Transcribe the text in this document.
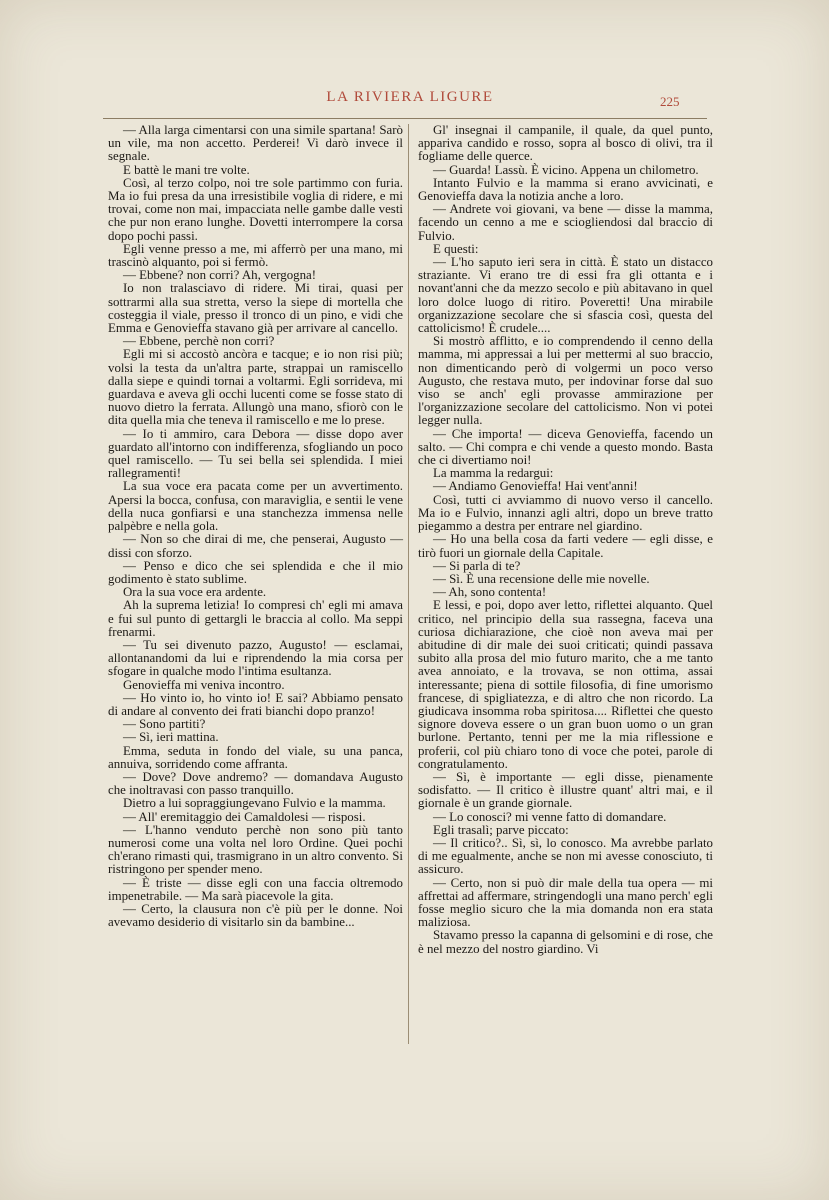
LA RIVIERA LIGURE	225

— Alla larga cimentarsi con una simile spartana! Sarò un vile, ma non accetto. Perderei! Vi darò invece il segnale.

E battè le mani tre volte.

Così, al terzo colpo, noi tre sole partimmo con furia. Ma io fui presa da una irresistibile voglia di ridere, e mi trovai, come non mai, impacciata nelle gambe dalle vesti che pur non erano lunghe. Dovetti interrompere la corsa dopo pochi passi.

Egli venne presso a me, mi afferrò per una mano, mi trascinò alquanto, poi si fermò.

— Ebbene? non corri? Ah, vergogna!

Io non tralasciavo di ridere. Mi tirai, quasi per sottrarmi alla sua stretta, verso la siepe di mortella che costeggia il viale, presso il tronco di un pino, e vidi che Emma e Genovieffa stavano già per arrivare al cancello.

— Ebbene, perchè non corri?

Egli mi si accostò ancòra e tacque; e io non risi più; volsi la testa da un'altra parte, strappai un ramiscello dalla siepe e quindi tornai a voltarmi. Egli sorrideva, mi guardava e aveva gli occhi lucenti come se fosse stato di nuovo dietro la ferrata. Allungò una mano, sfiorò con le dita quella mia che teneva il ramiscello e me lo prese.

— Io ti ammiro, cara Debora — disse dopo aver guardato all'intorno con indifferenza, sfogliando un poco quel ramiscello. — Tu sei bella sei splendida. I miei rallegramenti!

La sua voce era pacata come per un avvertimento. Apersi la bocca, confusa, con maraviglia, e sentii le vene della nuca gonfiarsi e una stanchezza immensa nelle palpèbre e nella gola.

— Non so che dirai di me, che penserai, Augusto — dissi con sforzo.

— Penso e dico che sei splendida e che il mio godimento è stato sublime.

Ora la sua voce era ardente.

Ah la suprema letizia! Io compresi ch' egli mi amava e fui sul punto di gettargli le braccia al collo. Ma seppi frenarmi.

— Tu sei divenuto pazzo, Augusto! — esclamai, allontanandomi da lui e riprendendo la mia corsa per sfogare in qualche modo l'intima esultanza.

Genovieffa mi veniva incontro.

— Ho vinto io, ho vinto io! E sai? Abbiamo pensato di andare al convento dei frati bianchi dopo pranzo!

— Sono partiti?

— Sì, ieri mattina.

Emma, seduta in fondo del viale, su una panca, annuiva, sorridendo come affranta.

— Dove? Dove andremo? — domandava Augusto che inoltravasi con passo tranquillo.

Dietro a lui sopraggiungevano Fulvio e la mamma.

— All' eremitaggio dei Camaldolesi — risposi.

— L'hanno venduto perchè non sono più tanto numerosi come una volta nel loro Ordine. Quei pochi ch'erano rimasti qui, trasmigrano in un altro convento. Si ristringono per spender meno.

— È triste — disse egli con una faccia oltremodo impenetrabile. — Ma sarà piacevole la gita.

— Certo, la clausura non c'è più per le donne. Noi avevamo desiderio di visitarlo sin da bambine...

Gl' insegnai il campanile, il quale, da quel punto, appariva candido e rosso, sopra al bosco di olivi, tra il fogliame delle querce.

— Guarda! Lassù. È vicino. Appena un chilometro.

Intanto Fulvio e la mamma si erano avvicinati, e Genovieffa dava la notizia anche a loro.

— Andrete voi giovani, va bene — disse la mamma, facendo un cenno a me e sciogliendosi dal braccio di Fulvio.

E questi:

— L'ho saputo ieri sera in città. È stato un distacco straziante. Vi erano tre di essi fra gli ottanta e i novant'anni che da mezzo secolo e più abitavano in quel loro dolce luogo di ritiro. Poveretti! Una mirabile organizzazione secolare che si sfascia così, questa del cattolicismo! È crudele....

Si mostrò afflitto, e io comprendendo il cenno della mamma, mi appressai a lui per mettermi al suo braccio, non dimenticando però di volgermi un poco verso Augusto, che restava muto, per indovinar forse dal suo viso se anch' egli provasse ammirazione per l'organizzazione secolare del cattolicismo. Non vi potei legger nulla.

— Che importa! — diceva Genovieffa, facendo un salto. — Chi compra e chi vende a questo mondo. Basta che ci divertiamo noi!

La mamma la redargui:

— Andiamo Genovieffa! Hai vent'anni!

Così, tutti ci avviammo di nuovo verso il cancello. Ma io e Fulvio, innanzi agli altri, dopo un breve tratto piegammo a destra per entrare nel giardino.

— Ho una bella cosa da farti vedere — egli disse, e tirò fuori un giornale della Capitale.

— Si parla di te?

— Sì. È una recensione delle mie novelle.

— Ah, sono contenta!

E lessi, e poi, dopo aver letto, riflettei alquanto. Quel critico, nel principio della sua rassegna, faceva una curiosa dichiarazione, che cioè non aveva mai per abitudine di dir male dei suoi criticati; quindi passava subito alla prosa del mio futuro marito, che a me tanto avea annoiato, e la trovava, se non ottima, assai interessante; piena di sottile filosofia, di fine umorismo francese, di spigliatezza, e di altro che non ricordo. La giudicava insomma roba spiritosa.... Riflettei che questo signore doveva essere o un gran buon uomo o un gran burlone. Pertanto, tenni per me la mia riflessione e proferii, col più chiaro tono di voce che potei, parole di congratulamento.

— Sì, è importante — egli disse, pienamente sodisfatto. — Il critico è illustre quant' altri mai, e il giornale è un grande giornale.

— Lo conosci? mi venne fatto di domandare.

Egli trasalì; parve piccato:

— Il critico?.. Sì, sì, lo conosco. Ma avrebbe parlato di me egualmente, anche se non mi avesse conosciuto, ti assicuro.

— Certo, non si può dir male della tua opera — mi affrettai ad affermare, stringendogli una mano perch' egli fosse meglio sicuro che la mia domanda non era stata maliziosa.

Stavamo presso la capanna di gelsomini e di rose, che è nel mezzo del nostro giardino. Vi
